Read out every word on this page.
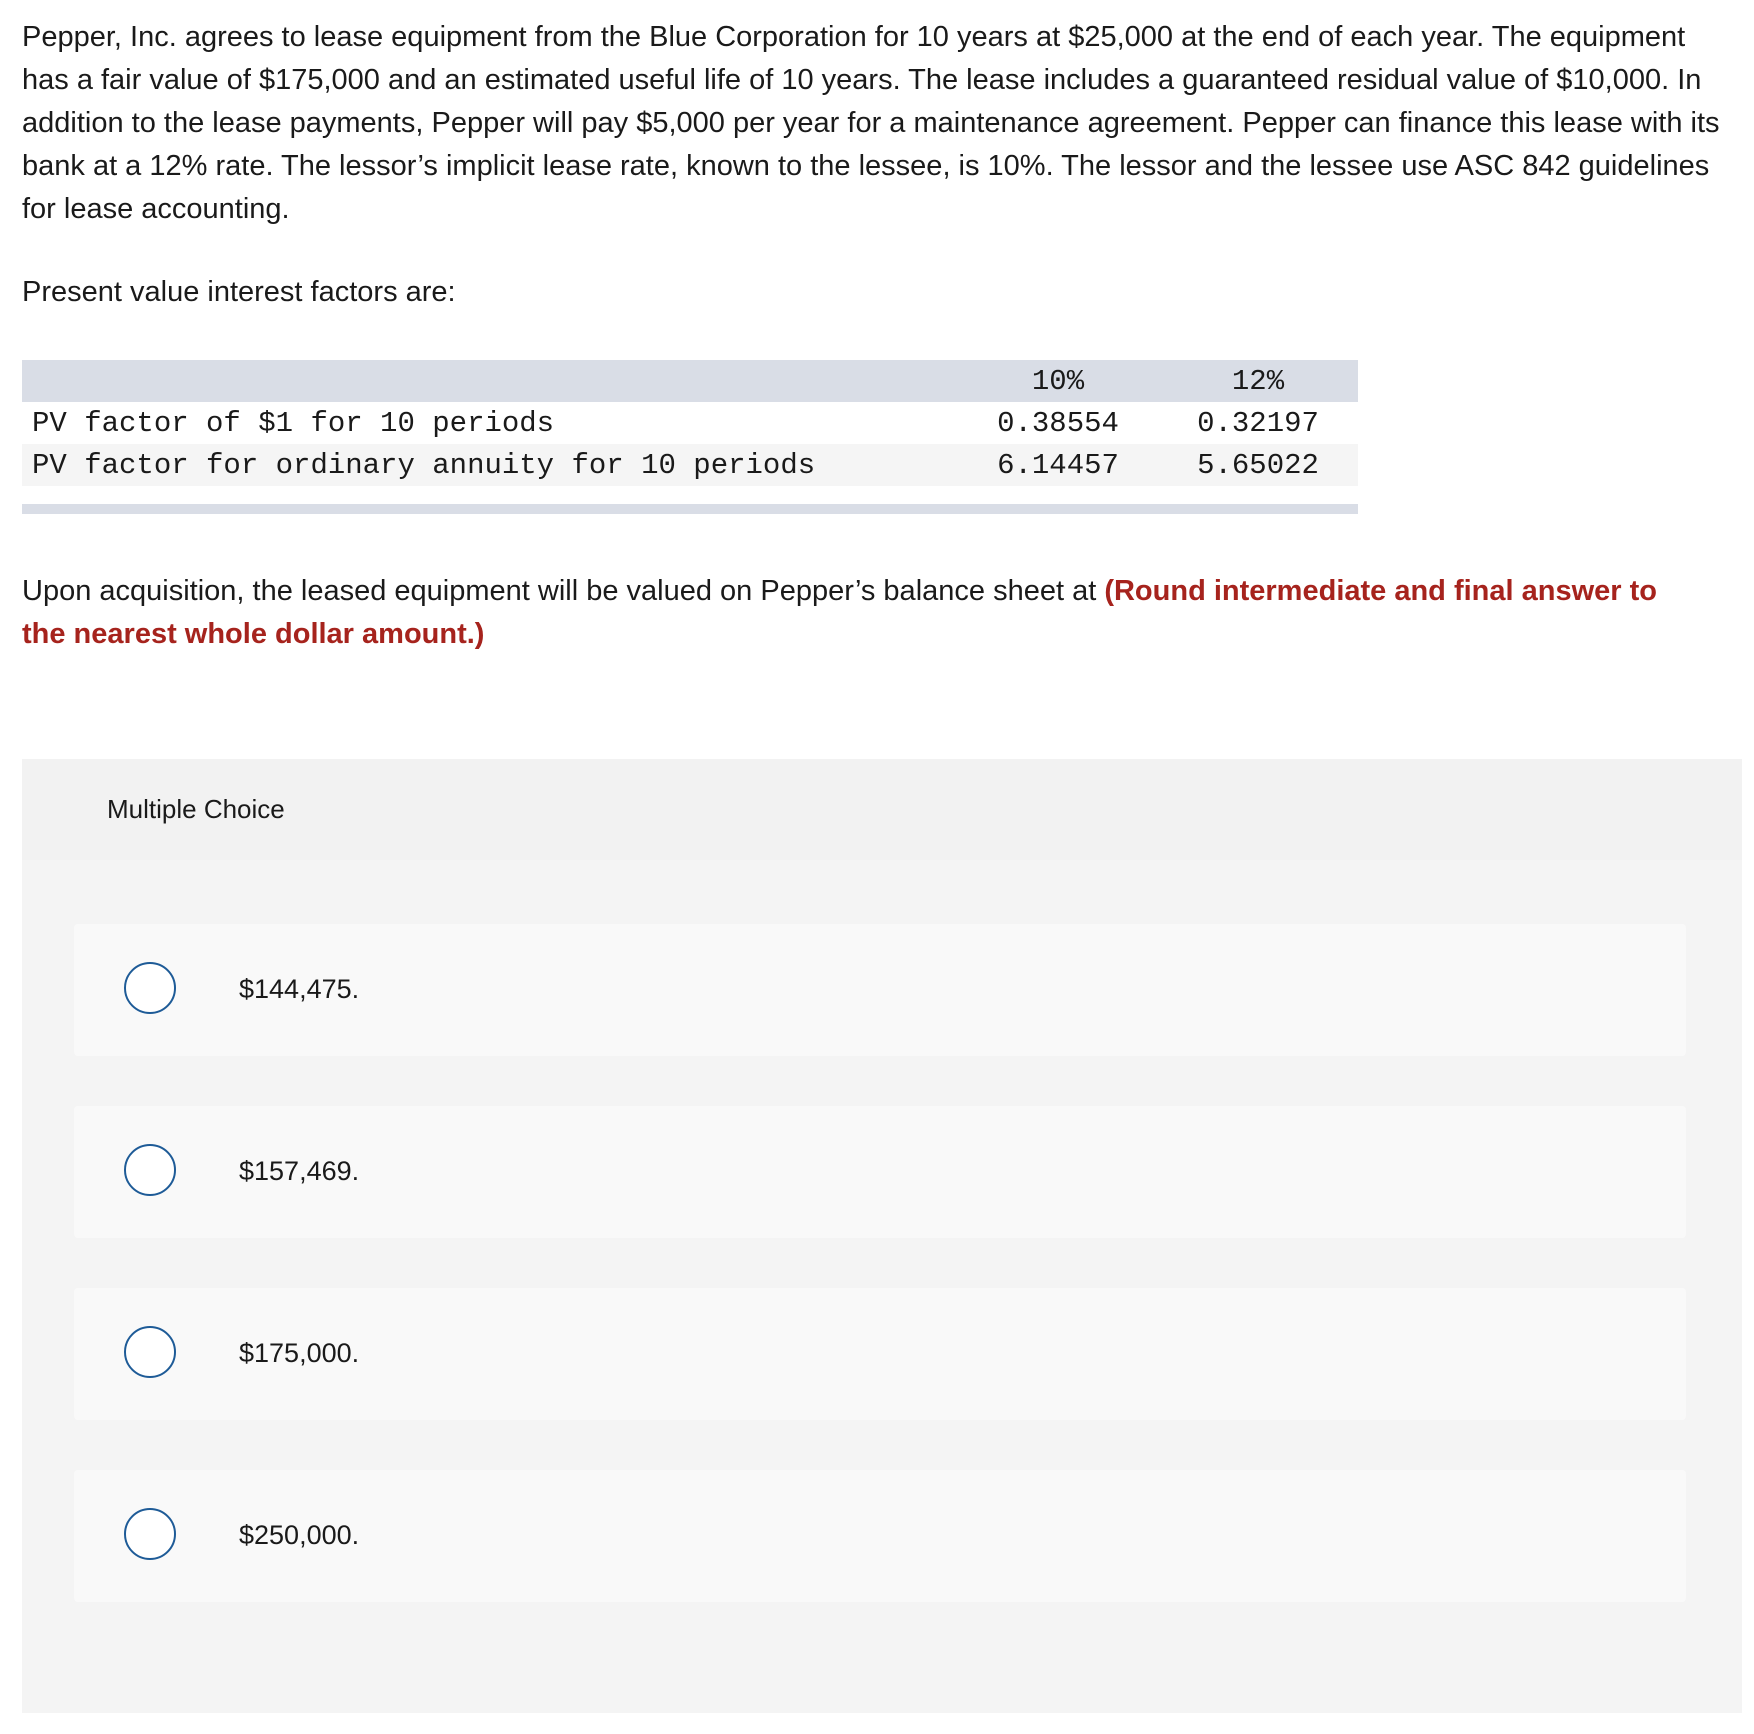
Pepper, Inc. agrees to lease equipment from the Blue Corporation for 10 years at $25,000 at the end of each year. The equipment has a fair value of $175,000 and an estimated useful life of 10 years. The lease includes a guaranteed residual value of $10,000. In addition to the lease payments, Pepper will pay $5,000 per year for a maintenance agreement. Pepper can finance this lease with its bank at a 12% rate. The lessor’s implicit lease rate, known to the lessee, is 10%. The lessor and the lessee use ASC 842 guidelines for lease accounting.

Present value interest factors are:

	10%	12%
PV factor of $1 for 10 periods	0.38554	0.32197
PV factor for ordinary annuity for 10 periods	6.14457	5.65022

Upon acquisition, the leased equipment will be valued on Pepper’s balance sheet at (Round intermediate and final answer to the nearest whole dollar amount.)

Multiple Choice
$144,475.
$157,469.
$175,000.
$250,000.
